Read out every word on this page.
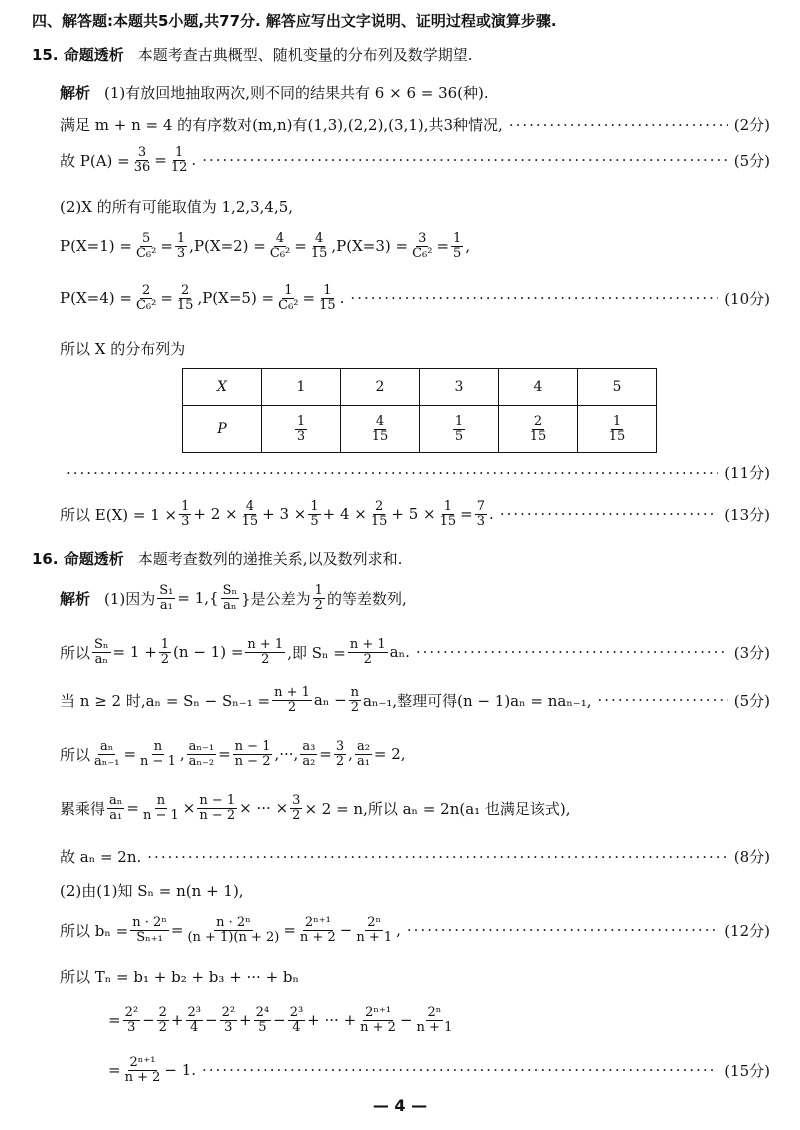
四、解答题:本题共5小题,共77分. 解答应写出文字说明、证明过程或演算步骤.
15. 命题透析 本题考查古典概型、随机变量的分布列及数学期望.
解析 (1)有放回地抽取两次,则不同的结果共有 6 × 6 = 36(种).
满足 m + n = 4 的有序数对(m,n)有(1,3),(2,2),(3,1),共3种情况, ·····	(2分)
故 $P(A) = \frac{3}{36} = \frac{1}{12}$ . ·····	(5分)
(2)X 的所有可能取值为 1,2,3,4,5,
$P(X=1) = \frac{5}{\text{C₆²}} = \frac{1}{3} ,P(X=2) = \frac{4}{\text{C₆²}} = \frac{4}{15} ,P(X=3) = \frac{3}{\text{C₆²}} = \frac{1}{5}$ ,
$P(X=4) = \frac{2}{\text{C₆²}} = \frac{2}{15} ,P(X=5) = \frac{1}{\text{C₆²}} = \frac{1}{15}$ . ·····	(10分)
所以 X 的分布列为
X	1	2	3	4	5
P	$\frac{1}{3}$	$\frac{4}{15}$	$\frac{1}{5}$	$\frac{2}{15}$	$\frac{1}{15}$
·····
(11分)
所以 $E(X) = 1 \times \frac{1}{3} + 2 \times \frac{4}{15} + 3 \times \frac{1}{5} + 4 \times \frac{2}{15} + 5 \times \frac{1}{15} = \frac{7}{3}$ . ·····	(13分)
16. 命题透析 本题考查数列的递推关系,以及数列求和.
解析 (1)因为 $\frac{\text{S₁}}{\text{a₁}} = 1,\{ \frac{\text{Sₙ}}{\text{aₙ}}$ }是公差为 $\frac{1}{2}$ 的等差数列,
所以 $\frac{\text{Sₙ}}{\text{aₙ}} = 1 + \frac{1}{2} (n - 1) = \frac{n + 1}{2}$ ,即 $S_n = \frac{n + 1}{2} a_n$. ·····	(3分)
当 n ≥ 2 时$,a_n = S_n - S_{n-1} = \frac{n + 1}{2}$ $a_n - \frac{n}{2} a_{n-1}$,整理可得(n − 1)aₙ = naₙ₋₁, ·····	(5分)
所以 $\frac{\text{aₙ}}{\text{aₙ₋₁}} = \frac{n}{n - 1}$ , $\frac{\text{aₙ₋₁}}{\text{aₙ₋₂}} = \frac{n - 1}{n - 2}$ ,···, $\frac{\text{a₃}}{\text{a₂}} = \frac{3}{2}$ , $\frac{\text{a₂}}{\text{a₁}} = 2$,
累乘得 $\frac{\text{aₙ}}{\text{a₁}} = \frac{n}{n - 1} \times \frac{n - 1}{n - 2}$ × ··· × $\frac{3}{2} \times 2 = n$,所以 aₙ = 2n(a₁ 也满足该式),
故 aₙ = 2n. ·····	(8分)
(2)由(1)知 Sₙ = n(n + 1),
所以 $b_n = \frac{\text{n · 2ⁿ}}{\text{Sₙ₊₁}} = \frac{\text{n · 2ⁿ}}{(n + 1)(n + 2)} = \frac{\text{2ⁿ⁺¹}}{n + 2} - \frac{\text{2ⁿ}}{n + 1}$ , ·····	(12分)
所以 Tₙ = b₁ + b₂ + b₃ + ··· + bₙ
= $\frac{\text{2²}}{3} - \frac{2}{2} + \frac{\text{2³}}{4} - \frac{\text{2²}}{3} + \frac{\text{2⁴}}{5} - \frac{\text{2³}}{4}$ + ··· + $\frac{\text{2ⁿ⁺¹}}{n + 2} - \frac{\text{2ⁿ}}{n + 1}$
= $\frac{\text{2ⁿ⁺¹}}{n + 2} - 1$. ·····	(15分)
— 4 —
